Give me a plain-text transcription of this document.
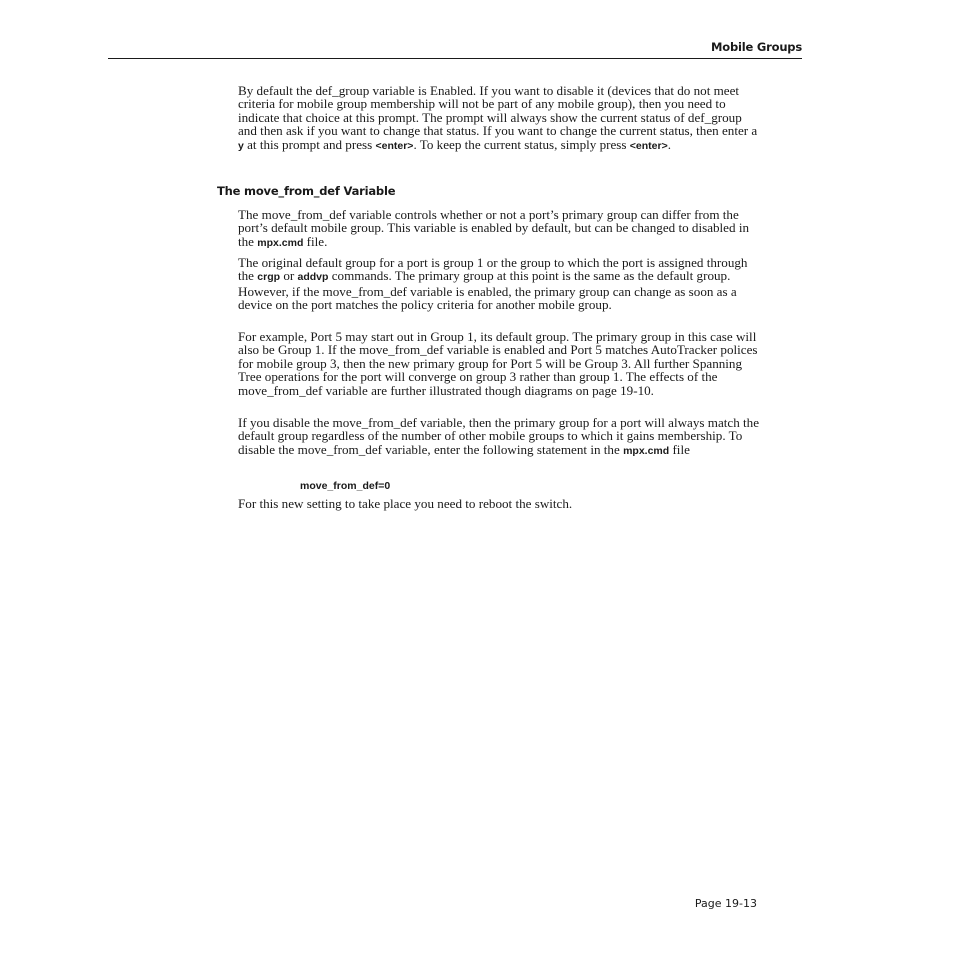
Mobile Groups

By default the def_group variable is Enabled. If you want to disable it (devices that do not meet criteria for mobile group membership will not be part of any mobile group), then you need to indicate that choice at this prompt. The prompt will always show the current status of def_group and then ask if you want to change that status. If you want to change the current status, then enter a y at this prompt and press <enter>. To keep the current status, simply press <enter>.

The move_from_def Variable

The move_from_def variable controls whether or not a port’s primary group can differ from the port’s default mobile group. This variable is enabled by default, but can be changed to disabled in the mpx.cmd file.

The original default group for a port is group 1 or the group to which the port is assigned through the crgp or addvp commands. The primary group at this point is the same as the default group. However, if the move_from_def variable is enabled, the primary group can change as soon as a device on the port matches the policy criteria for another mobile group.

For example, Port 5 may start out in Group 1, its default group. The primary group in this case will also be Group 1. If the move_from_def variable is enabled and Port 5 matches AutoTracker polices for mobile group 3, then the new primary group for Port 5 will be Group 3. All further Spanning Tree operations for the port will converge on group 3 rather than group 1. The effects of the move_from_def variable are further illustrated though diagrams on page 19-10.

If you disable the move_from_def variable, then the primary group for a port will always match the default group regardless of the number of other mobile groups to which it gains membership. To disable the move_from_def variable, enter the following statement in the mpx.cmd file

move_from_def=0

For this new setting to take place you need to reboot the switch.

Page 19-13
